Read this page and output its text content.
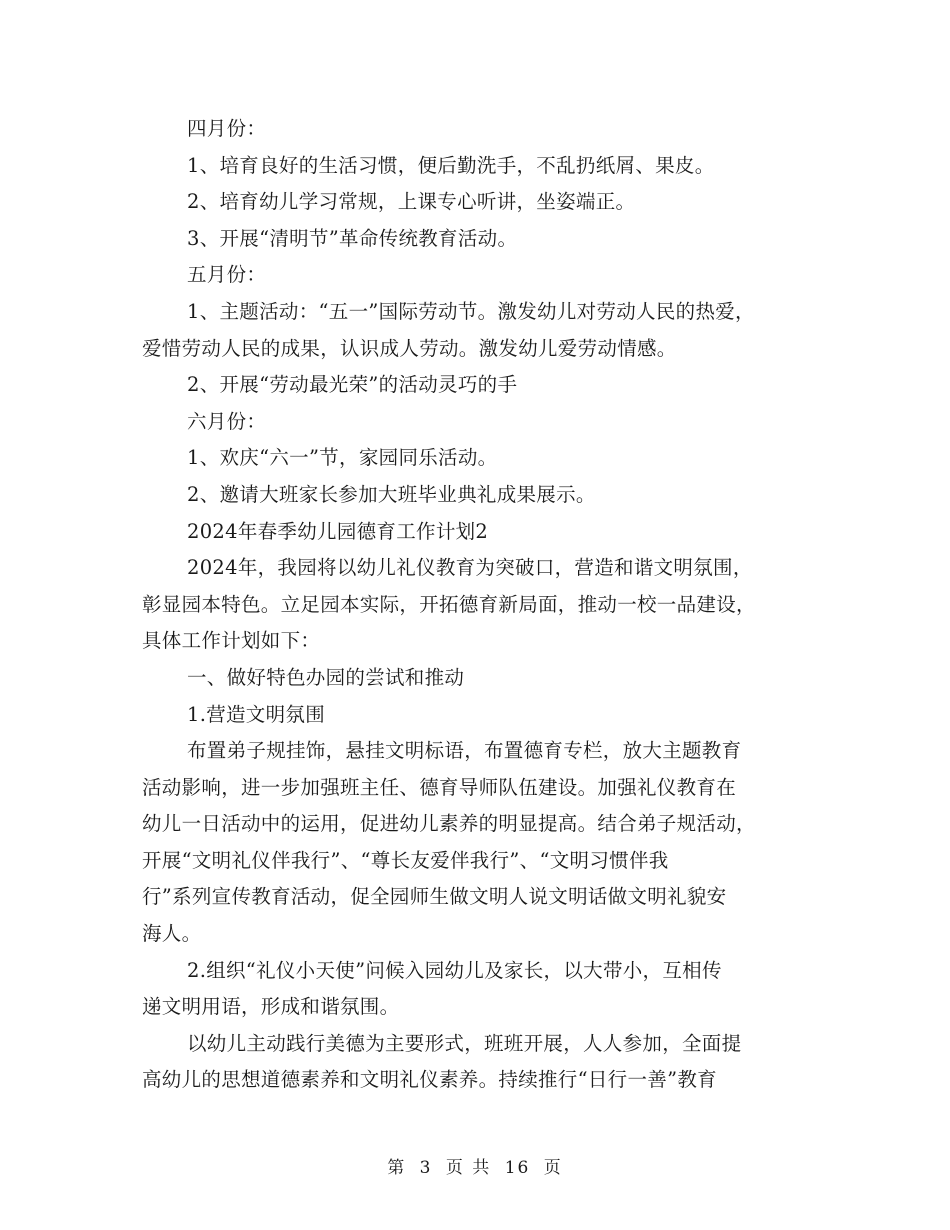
四月份：
1、培育良好的生活习惯，便后勤洗手，不乱扔纸屑、果皮。
2、培育幼儿学习常规，上课专心听讲，坐姿端正。
3、开展“清明节”革命传统教育活动。
五月份：
1、主题活动：“五一”国际劳动节。激发幼儿对劳动人民的热爱，
爱惜劳动人民的成果，认识成人劳动。激发幼儿爱劳动情感。
2、开展“劳动最光荣”的活动灵巧的手
六月份：
1、欢庆“六一”节，家园同乐活动。
2、邀请大班家长参加大班毕业典礼成果展示。
2024年春季幼儿园德育工作计划2
2024年，我园将以幼儿礼仪教育为突破口，营造和谐文明氛围，
彰显园本特色。立足园本实际，开拓德育新局面，推动一校一品建设，
具体工作计划如下：
一、做好特色办园的尝试和推动
1.营造文明氛围
布置弟子规挂饰，悬挂文明标语，布置德育专栏，放大主题教育
活动影响，进一步加强班主任、德育导师队伍建设。加强礼仪教育在
幼儿一日活动中的运用，促进幼儿素养的明显提高。结合弟子规活动，
开展“文明礼仪伴我行”、“尊长友爱伴我行”、“文明习惯伴我
行”系列宣传教育活动，促全园师生做文明人说文明话做文明礼貌安
海人。
2.组织“礼仪小天使”问候入园幼儿及家长，以大带小，互相传
递文明用语，形成和谐氛围。
以幼儿主动践行美德为主要形式，班班开展，人人参加，全面提
高幼儿的思想道德素养和文明礼仪素养。持续推行“日行一善”教育
第 3 页 共 16 页
